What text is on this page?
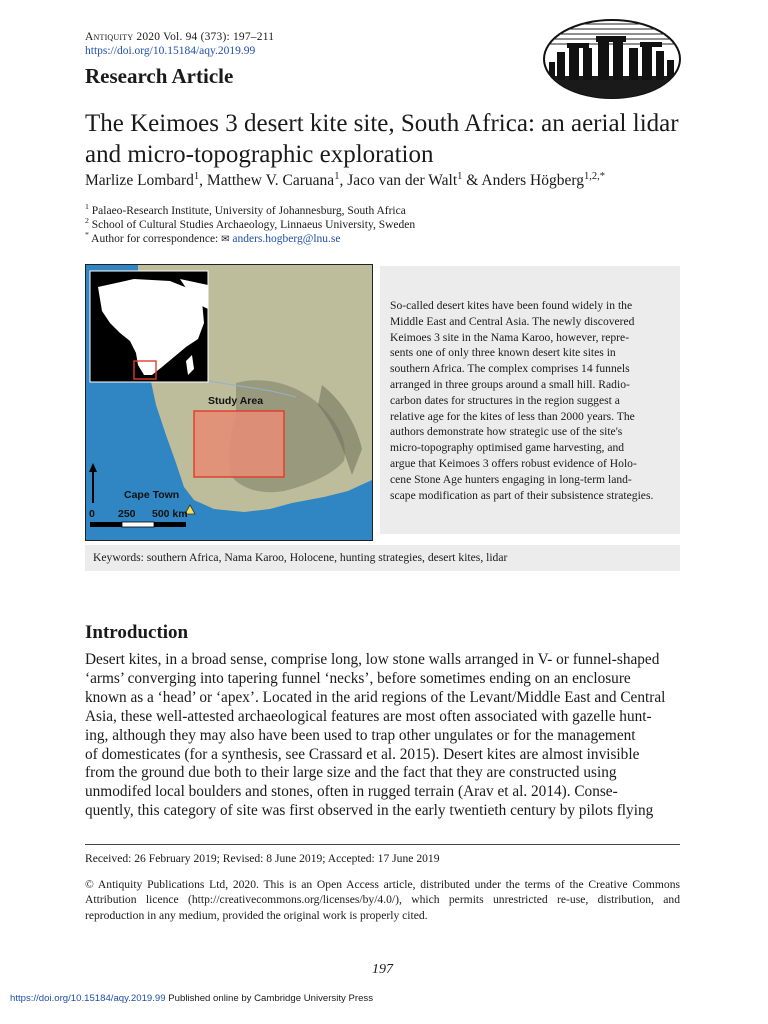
Antiquity 2020 Vol. 94 (373): 197–211
https://doi.org/10.15184/aqy.2019.99
Research Article
The Keimoes 3 desert kite site, South Africa: an aerial lidar and micro-topographic exploration
Marlize Lombard$^1$, Matthew V. Caruana$^1$, Jaco van der Walt$^1$ & Anders Högberg$^{1,2,*}$
$^1$ Palaeo-Research Institute, University of Johannesburg, South Africa
$^2$ School of Cultural Studies Archaeology, Linnaeus University, Sweden
* Author for correspondence: ✉ anders.hogberg@lnu.se
Study Area
Cape Town
0 250 500 km
So-called desert kites have been found widely in the
Middle East and Central Asia. The newly discovered
Keimoes 3 site in the Nama Karoo, however, repre-
sents one of only three known desert kite sites in
southern Africa. The complex comprises 14 funnels
arranged in three groups around a small hill. Radio-
carbon dates for structures in the region suggest a
relative age for the kites of less than 2000 years. The
authors demonstrate how strategic use of the site's
micro-topography optimised game harvesting, and
argue that Keimoes 3 offers robust evidence of Holo-
cene Stone Age hunters engaging in long-term land-
scape modification as part of their subsistence strategies.
Keywords: southern Africa, Nama Karoo, Holocene, hunting strategies, desert kites, lidar
Introduction
Desert kites, in a broad sense, comprise long, low stone walls arranged in V- or funnel-shaped
‘arms’ converging into tapering funnel ‘necks’, before sometimes ending on an enclosure
known as a ‘head’ or ‘apex’. Located in the arid regions of the Levant/Middle East and Central
Asia, these well-attested archaeological features are most often associated with gazelle hunt-
ing, although they may also have been used to trap other ungulates or for the management
of domesticates (for a synthesis, see Crassard et al. 2015). Desert kites are almost invisible
from the ground due both to their large size and the fact that they are constructed using
unmodifed local boulders and stones, often in rugged terrain (Arav et al. 2014). Conse-
quently, this category of site was first observed in the early twentieth century by pilots flying
Received: 26 February 2019; Revised: 8 June 2019; Accepted: 17 June 2019
© Antiquity Publications Ltd, 2020. This is an Open Access article, distributed under the terms of the Creative Commons Attribution licence (http://creativecommons.org/licenses/by/4.0/), which permits unrestricted re-use, distribution, and reproduction in any medium, provided the original work is properly cited.
197
https://doi.org/10.15184/aqy.2019.99 Published online by Cambridge University Press
